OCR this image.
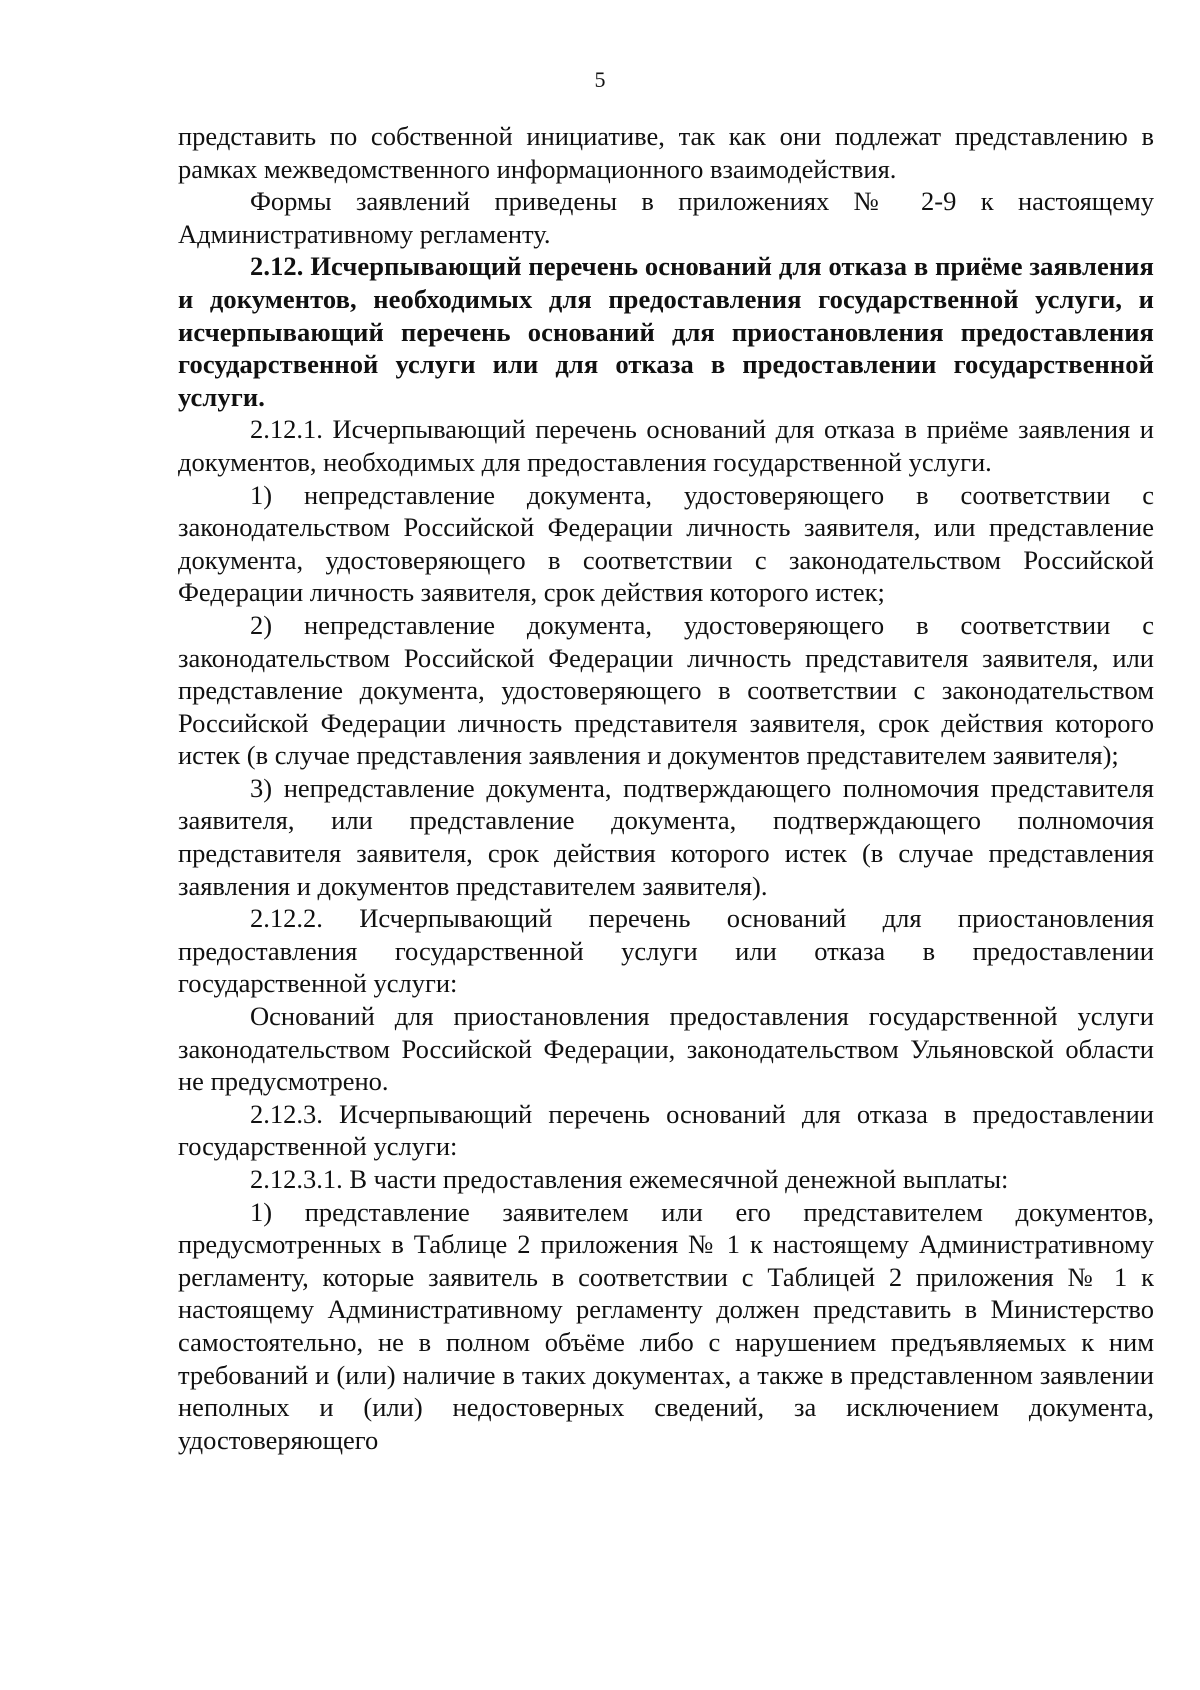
5

представить по собственной инициативе, так как они подлежат представлению в рамках межведомственного информационного взаимодействия.

Формы заявлений приведены в приложениях № 2-9 к настоящему Административному регламенту.

2.12. Исчерпывающий перечень оснований для отказа в приёме заявления и документов, необходимых для предоставления государственной услуги, и исчерпывающий перечень оснований для приостановления предоставления государственной услуги или для отказа в предоставлении государственной услуги.

2.12.1. Исчерпывающий перечень оснований для отказа в приёме заявления и документов, необходимых для предоставления государственной услуги.

1) непредставление документа, удостоверяющего в соответствии с законодательством Российской Федерации личность заявителя, или представление документа, удостоверяющего в соответствии с законодательством Российской Федерации личность заявителя, срок действия которого истек;

2) непредставление документа, удостоверяющего в соответствии с законодательством Российской Федерации личность представителя заявителя, или представление документа, удостоверяющего в соответствии с законодательством Российской Федерации личность представителя заявителя, срок действия которого истек (в случае представления заявления и документов представителем заявителя);

3) непредставление документа, подтверждающего полномочия представителя заявителя, или представление документа, подтверждающего полномочия представителя заявителя, срок действия которого истек (в случае представления заявления и документов представителем заявителя).

2.12.2. Исчерпывающий перечень оснований для приостановления предоставления государственной услуги или отказа в предоставлении государственной услуги:

Оснований для приостановления предоставления государственной услуги законодательством Российской Федерации, законодательством Ульяновской области не предусмотрено.

2.12.3. Исчерпывающий перечень оснований для отказа в предоставлении государственной услуги:

2.12.3.1. В части предоставления ежемесячной денежной выплаты:

1) представление заявителем или его представителем документов, предусмотренных в Таблице 2 приложения № 1 к настоящему Административному регламенту, которые заявитель в соответствии с Таблицей 2 приложения № 1 к настоящему Административному регламенту должен представить в Министерство самостоятельно, не в полном объёме либо с нарушением предъявляемых к ним требований и (или) наличие в таких документах, а также в представленном заявлении неполных и (или) недостоверных сведений, за исключением документа, удостоверяющего
